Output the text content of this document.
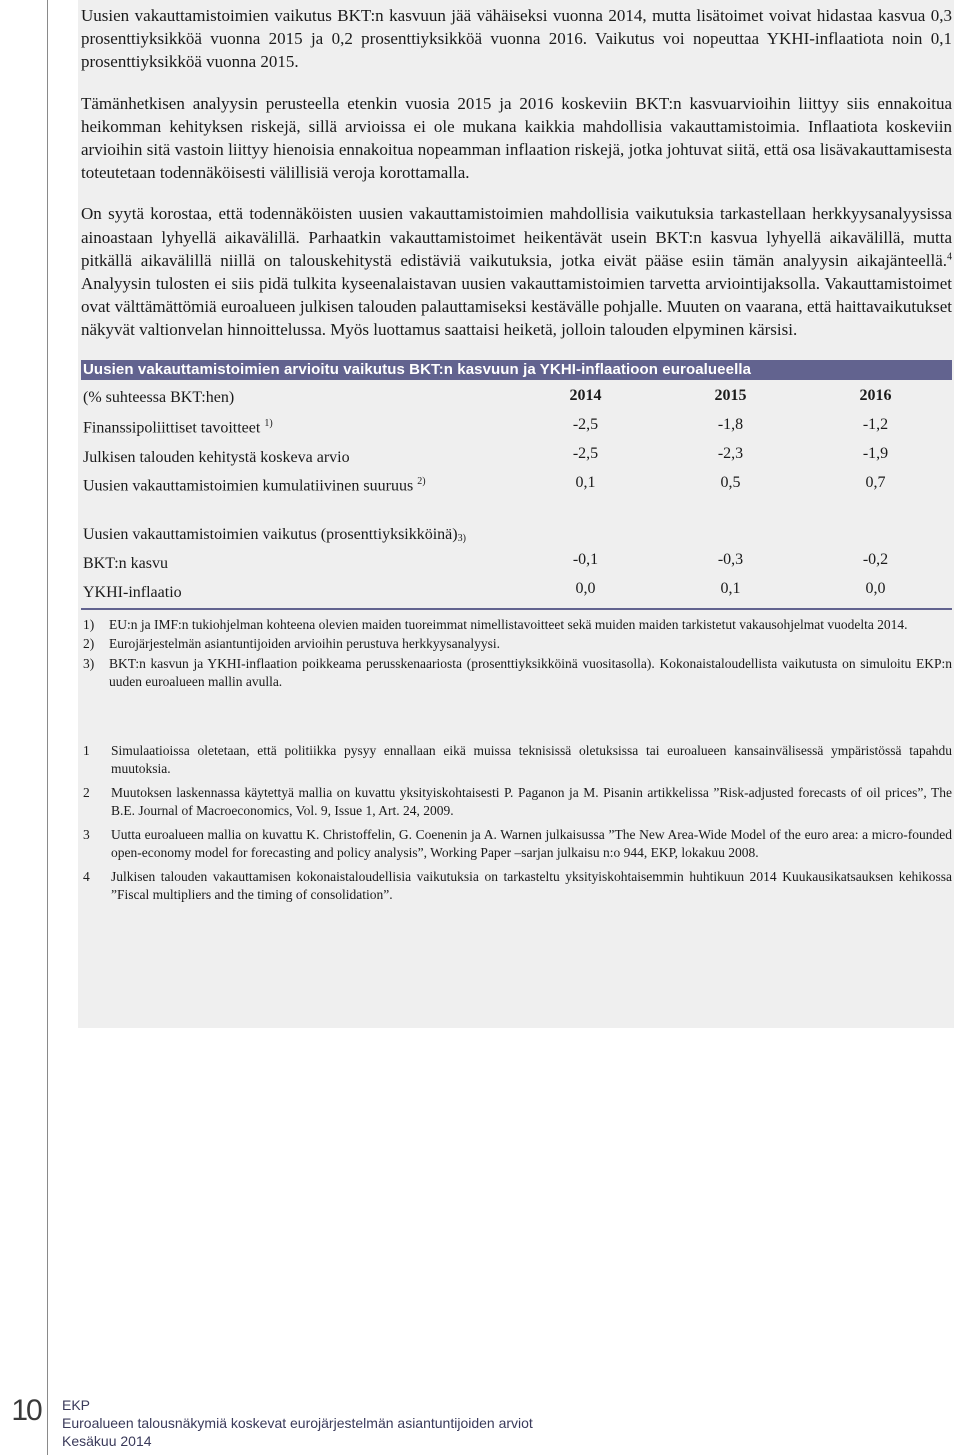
Uusien vakauttamistoimien vaikutus BKT:n kasvuun jää vähäiseksi vuonna 2014, mutta lisätoimet voivat hidastaa kasvua 0,3 prosenttiyksikköä vuonna 2015 ja 0,2 prosenttiyksikköä vuonna 2016. Vaikutus voi nopeuttaa YKHI-inflaatiota noin 0,1 prosenttiyksikköä vuonna 2015.

Tämänhetkisen analyysin perusteella etenkin vuosia 2015 ja 2016 koskeviin BKT:n kasvuarvioihin liittyy siis ennakoitua heikomman kehityksen riskejä, sillä arvioissa ei ole mukana kaikkia mahdollisia vakauttamistoimia. Inflaatiota koskeviin arvioihin sitä vastoin liittyy hienoisia ennakoitua nopeamman inflaation riskejä, jotka johtuvat siitä, että osa lisävakauttamisesta toteutetaan todennäköisesti välillisiä veroja korottamalla.

On syytä korostaa, että todennäköisten uusien vakauttamistoimien mahdollisia vaikutuksia tarkastellaan herkkyysanalyysissa ainoastaan lyhyellä aikavälillä. Parhaatkin vakauttamistoimet heikentävät usein BKT:n kasvua lyhyellä aikavälillä, mutta pitkällä aikavälillä niillä on talouskehitystä edistäviä vaikutuksia, jotka eivät pääse esiin tämän analyysin aikajänteellä.$^4$ Analyysin tulosten ei siis pidä tulkita kyseenalaistavan uusien vakauttamistoimien tarvetta arviointijaksolla. Vakauttamistoimet ovat välttämättömiä euroalueen julkisen talouden palauttamiseksi kestävälle pohjalle. Muuten on vaarana, että haittavaikutukset näkyvät valtionvelan hinnoittelussa. Myös luottamus saattaisi heiketä, jolloin talouden elpyminen kärsisi.

Uusien vakauttamistoimien arvioitu vaikutus BKT:n kasvuun ja YKHI-inflaatioon euroalueella
(% suhteessa BKT:hen)	2014	2015	2016
Finanssipoliittiset tavoitteet $^{1)}$	-2,5	-1,8	-1,2
Julkisen talouden kehitystä koskeva arvio	-2,5	-2,3	-1,9
Uusien vakauttamistoimien kumulatiivinen suuruus $^{2)}$	0,1	0,5	0,7
Uusien vakauttamistoimien vaikutus $(prosenttiyksikköinä)_{3)}$
BKT:n kasvu	-0,1	-0,3	-0,2
YKHI-inflaatio	0,0	0,1	0,0
1)	EU:n ja IMF:n tukiohjelman kohteena olevien maiden tuoreimmat nimellistavoitteet sekä muiden maiden tarkistetut vakausohjelmat vuodelta 2014.
2)	Eurojärjestelmän asiantuntijoiden arvioihin perustuva herkkyysanalyysi.
3)	BKT:n kasvun ja YKHI-inflaation poikkeama perusskenaariosta (prosenttiyksikköinä vuositasolla). Kokonaistaloudellista vaikutusta on simuloitu EKP:n uuden euroalueen mallin avulla.
1	Simulaatioissa oletetaan, että politiikka pysyy ennallaan eikä muissa teknisissä oletuksissa tai euroalueen kansainvälisessä ympäristössä tapahdu muutoksia.
2	Muutoksen laskennassa käytettyä mallia on kuvattu yksityiskohtaisesti P. Paganon ja M. Pisanin artikkelissa ”Risk-adjusted forecasts of oil prices”, The B.E. Journal of Macroeconomics, Vol. 9, Issue 1, Art. 24, 2009.
3	Uutta euroalueen mallia on kuvattu K. Christoffelin, G. Coenenin ja A. Warnen julkaisussa ”The New Area-Wide Model of the euro area: a micro-founded open-economy model for forecasting and policy analysis”, Working Paper –sarjan julkaisu n:o 944, EKP, lokakuu 2008.
4	Julkisen talouden vakauttamisen kokonaistaloudellisia vaikutuksia on tarkasteltu yksityiskohtaisemmin huhtikuun 2014 Kuukausikatsauksen kehikossa ”Fiscal multipliers and the timing of consolidation”.
10	EKP
Euroalueen talousnäkymiä koskevat eurojärjestelmän asiantuntijoiden arviot
Kesäkuu 2014
